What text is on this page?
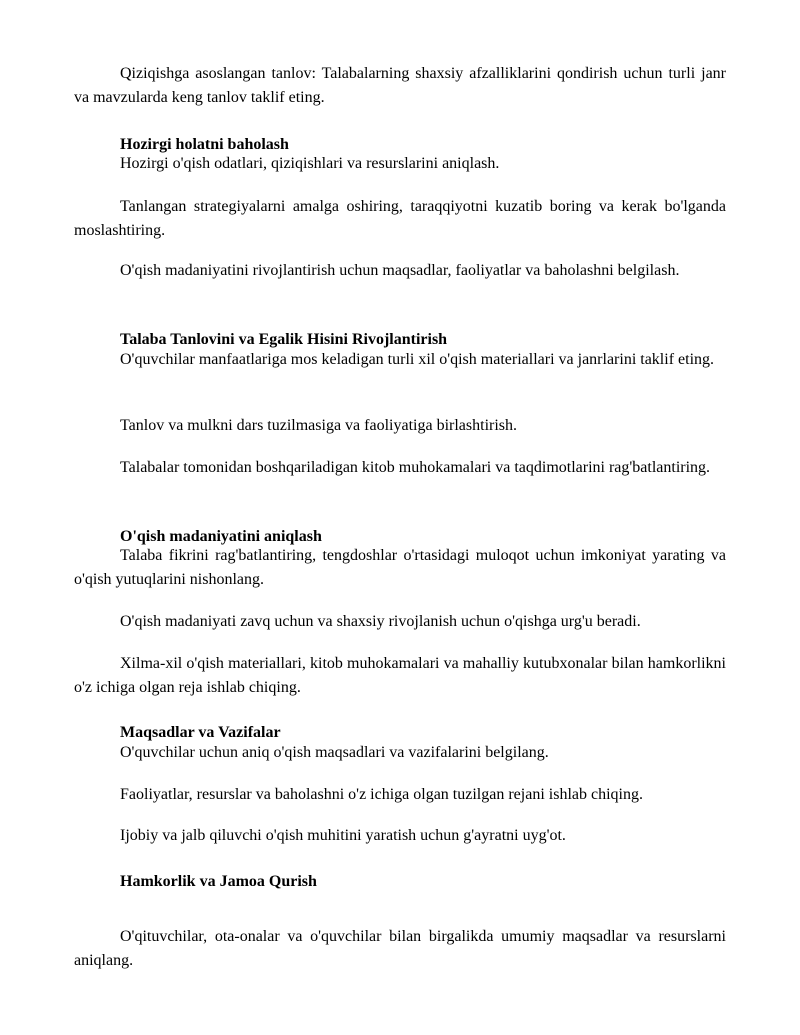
Qiziqishga asoslangan tanlov: Talabalarning shaxsiy afzalliklarini qondirish uchun turli janr va mavzularda keng tanlov taklif eting.

Hozirgi holatni baholash

Hozirgi o'qish odatlari, qiziqishlari va resurslarini aniqlash.

Tanlangan strategiyalarni amalga oshiring, taraqqiyotni kuzatib boring va kerak bo'lganda moslashtiring.

O'qish madaniyatini rivojlantirish uchun maqsadlar, faoliyatlar va baholashni belgilash.

Talaba Tanlovini va Egalik Hisini Rivojlantirish

O'quvchilar manfaatlariga mos keladigan turli xil o'qish materiallari va janrlarini taklif eting.

Tanlov va mulkni dars tuzilmasiga va faoliyatiga birlashtirish.

Talabalar tomonidan boshqariladigan kitob muhokamalari va taqdimotlarini rag'batlantiring.

O'qish madaniyatini aniqlash

Talaba fikrini rag'batlantiring, tengdoshlar o'rtasidagi muloqot uchun imkoniyat yarating va o'qish yutuqlarini nishonlang.

O'qish madaniyati zavq uchun va shaxsiy rivojlanish uchun o'qishga urg'u beradi.

Xilma-xil o'qish materiallari, kitob muhokamalari va mahalliy kutubxonalar bilan hamkorlikni o'z ichiga olgan reja ishlab chiqing.

Maqsadlar va Vazifalar

O'quvchilar uchun aniq o'qish maqsadlari va vazifalarini belgilang.

Faoliyatlar, resurslar va baholashni o'z ichiga olgan tuzilgan rejani ishlab chiqing.

Ijobiy va jalb qiluvchi o'qish muhitini yaratish uchun g'ayratni uyg'ot.

Hamkorlik va Jamoa Qurish

O'qituvchilar, ota-onalar va o'quvchilar bilan birgalikda umumiy maqsadlar va resurslarni aniqlang.
